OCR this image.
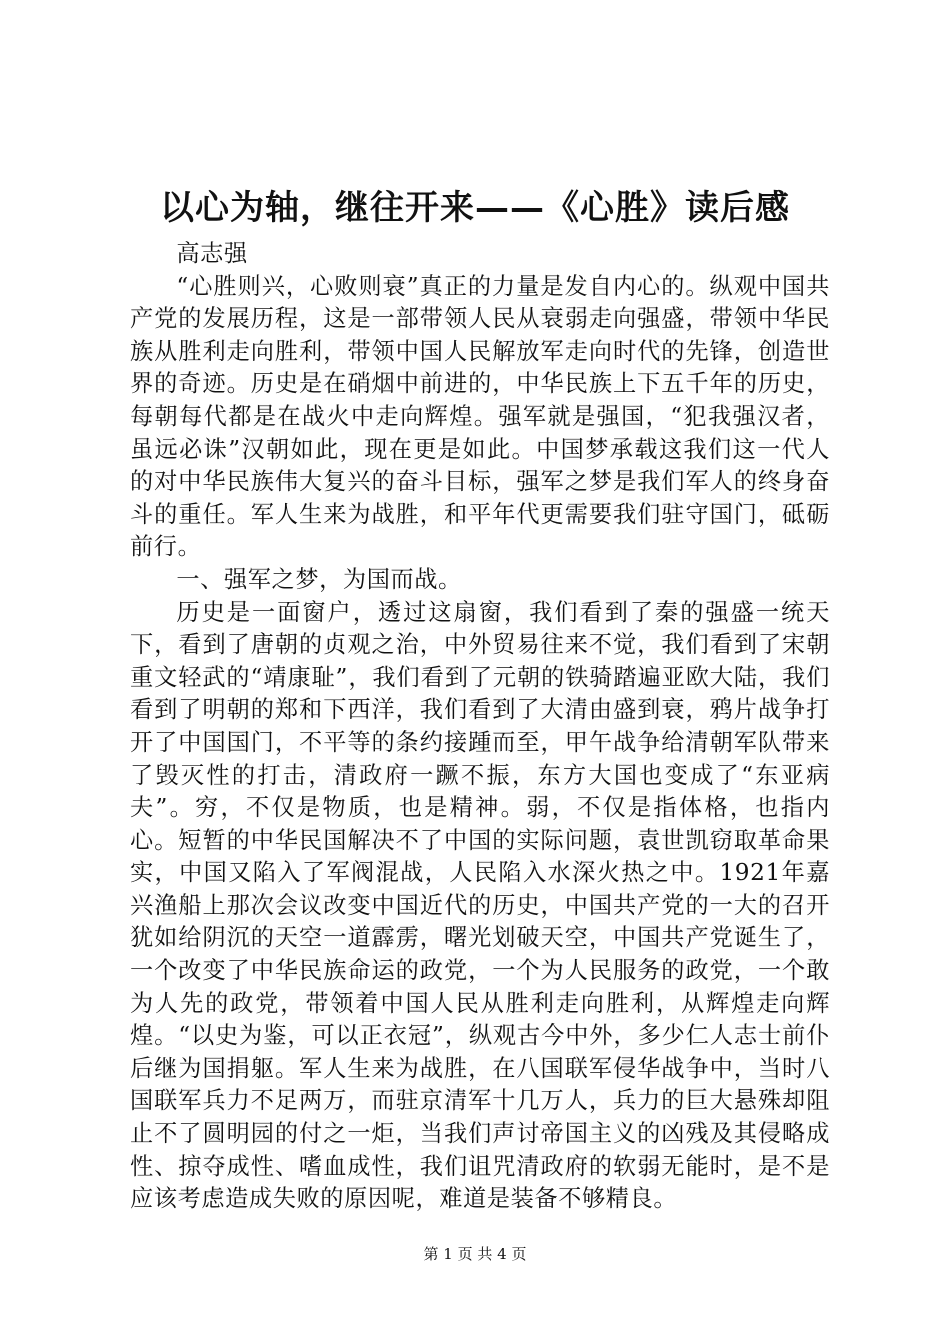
以心为轴，继往开来——《心胜》读后感

高志强

“心胜则兴，心败则衰”真正的力量是发自内心的。纵观中国共产党的发展历程，这是一部带领人民从衰弱走向强盛，带领中华民族从胜利走向胜利，带领中国人民解放军走向时代的先锋，创造世界的奇迹。历史是在硝烟中前进的，中华民族上下五千年的历史，每朝每代都是在战火中走向辉煌。强军就是强国，“犯我强汉者，虽远必诛”汉朝如此，现在更是如此。中国梦承载这我们这一代人的对中华民族伟大复兴的奋斗目标，强军之梦是我们军人的终身奋斗的重任。军人生来为战胜，和平年代更需要我们驻守国门，砥砺前行。

一、强军之梦，为国而战。

历史是一面窗户，透过这扇窗，我们看到了秦的强盛一统天下，看到了唐朝的贞观之治，中外贸易往来不觉，我们看到了宋朝重文轻武的“靖康耻”，我们看到了元朝的铁骑踏遍亚欧大陆，我们看到了明朝的郑和下西洋，我们看到了大清由盛到衰，鸦片战争打开了中国国门，不平等的条约接踵而至，甲午战争给清朝军队带来了毁灭性的打击，清政府一蹶不振，东方大国也变成了“东亚病夫”。穷，不仅是物质，也是精神。弱，不仅是指体格，也指内心。短暂的中华民国解决不了中国的实际问题，袁世凯窃取革命果实，中国又陷入了军阀混战，人民陷入水深火热之中。1921年嘉兴渔船上那次会议改变中国近代的历史，中国共产党的一大的召开犹如给阴沉的天空一道霹雳，曙光划破天空，中国共产党诞生了，一个改变了中华民族命运的政党，一个为人民服务的政党，一个敢为人先的政党，带领着中国人民从胜利走向胜利，从辉煌走向辉煌。“以史为鉴，可以正衣冠”，纵观古今中外，多少仁人志士前仆后继为国捐躯。军人生来为战胜，在八国联军侵华战争中，当时八国联军兵力不足两万，而驻京清军十几万人，兵力的巨大悬殊却阻止不了圆明园的付之一炬，当我们声讨帝国主义的凶残及其侵略成性、掠夺成性、嗜血成性，我们诅咒清政府的软弱无能时，是不是应该考虑造成失败的原因呢，难道是装备不够精良。

第 1 页 共 4 页
